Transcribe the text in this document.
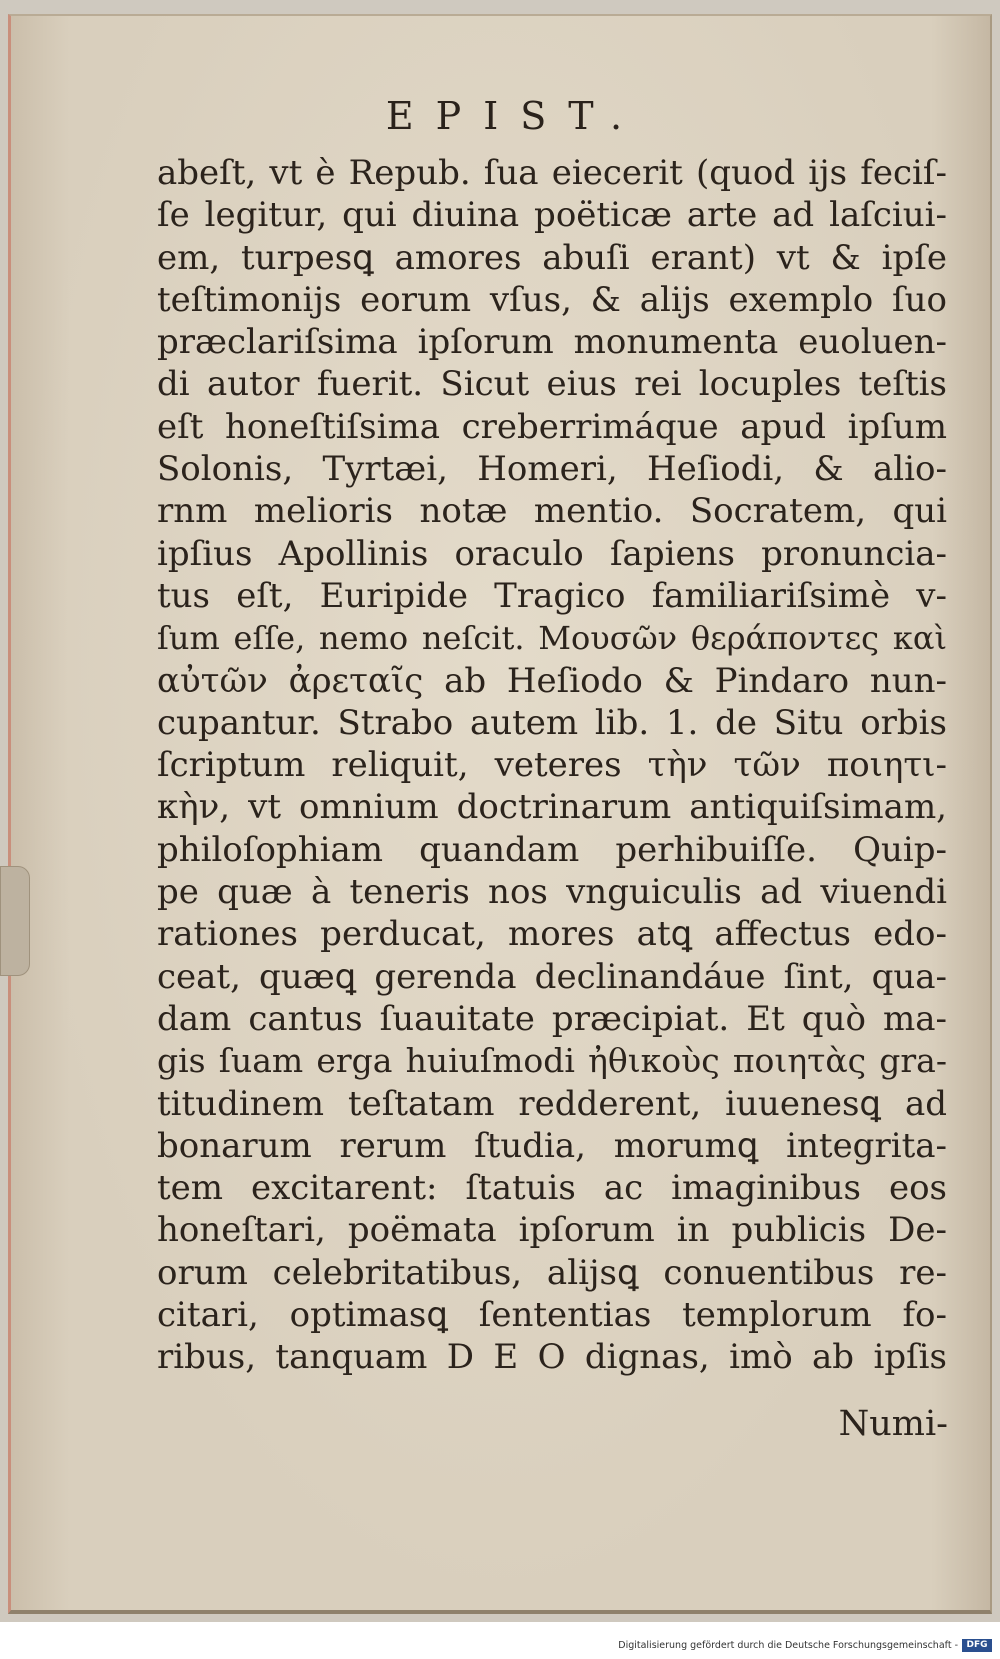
EPIST.
abeſt, vt è Repub. ſua eiecerit (quod ijs feciſ-
ſe legitur, qui diuina poëticæ arte ad laſciui-
em, turpesꝗ amores abuſi erant) vt & ipſe
teſtimonijs eorum vſus, & alijs exemplo ſuo
præclariſsima ipſorum monumenta euoluen-
di autor fuerit. Sicut eius rei locuples teſtis
eſt honeſtiſsima creberrimáque apud ipſum
Solonis, Tyrtæi, Homeri, Heſiodi, & alio-
rnm melioris notæ mentio. Socratem, qui
ipſius Apollinis oraculo ſapiens pronuncia-
tus eſt, Euripide Tragico familiariſsimè v-
ſum eſſe, nemo neſcit. Μουσῶν θεράποντες καὶ
αὐτῶν ἀρεταῖς ab Heſiodo & Pindaro nun-
cupantur. Strabo autem lib. 1. de Situ orbis
ſcriptum reliquit, veteres τὴν τῶν ποιητι-
κὴν, vt omnium doctrinarum antiquiſsimam,
philoſophiam quandam perhibuiſſe. Quip-
pe quæ à teneris nos vnguiculis ad viuendi
rationes perducat, mores atꝗ affectus edo-
ceat, quæꝗ gerenda declinandáue ſint, qua-
dam cantus ſuauitate præcipiat. Et quò ma-
gis ſuam erga huiuſmodi ἠθικοὺς ποιητὰς gra-
titudinem teſtatam redderent, iuuenesꝗ ad
bonarum rerum ſtudia, morumꝗ integrita-
tem excitarent: ſtatuis ac imaginibus eos
honeſtari, poëmata ipſorum in publicis De-
orum celebritatibus, alijsꝗ conuentibus re-
citari, optimasꝗ ſententias templorum fo-
ribus, tanquam D E O dignas, imò ab ipſis
Numi-
Digitalisierung gefördert durch die Deutsche Forschungsgemeinschaft - DFG
